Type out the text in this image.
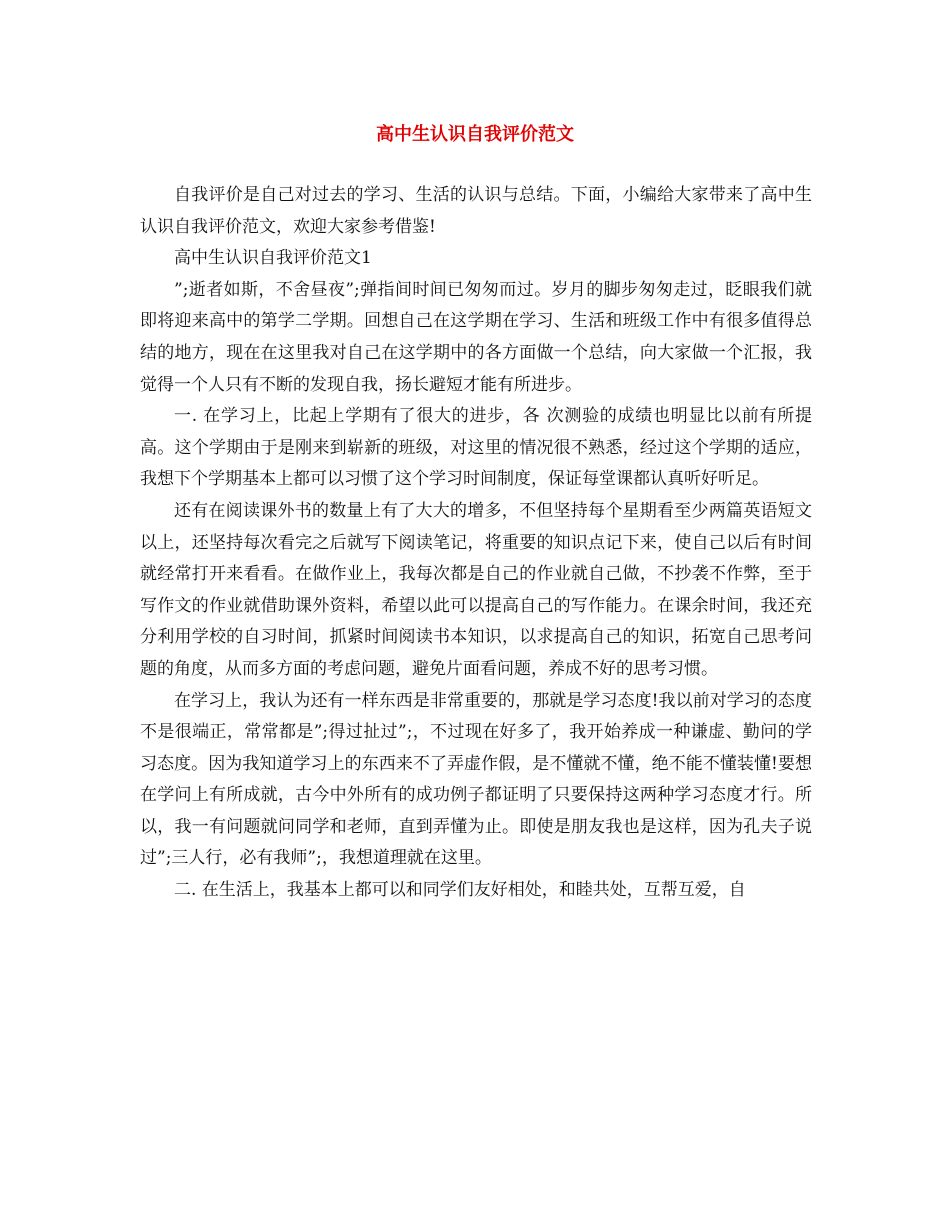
高中生认识自我评价范文

自我评价是自己对过去的学习、生活的认识与总结。下面，小编给大家带来了高中生认识自我评价范文，欢迎大家参考借鉴!

高中生认识自我评价范文1

”;逝者如斯，不舍昼夜”;弹指间时间已匆匆而过。岁月的脚步匆匆走过，眨眼我们就即将迎来高中的第学二学期。回想自己在这学期在学习、生活和班级工作中有很多值得总结的地方，现在在这里我对自己在这学期中的各方面做一个总结，向大家做一个汇报，我觉得一个人只有不断的发现自我，扬长避短才能有所进步。

一. 在学习上，比起上学期有了很大的进步，各 次测验的成绩也明显比以前有所提高。这个学期由于是刚来到崭新的班级，对这里的情况很不熟悉，经过这个学期的适应，我想下个学期基本上都可以习惯了这个学习时间制度，保证每堂课都认真听好听足。

还有在阅读课外书的数量上有了大大的增多，不但坚持每个星期看至少两篇英语短文以上，还坚持每次看完之后就写下阅读笔记，将重要的知识点记下来，使自己以后有时间就经常打开来看看。在做作业上，我每次都是自己的作业就自己做，不抄袭不作弊，至于写作文的作业就借助课外资料，希望以此可以提高自己的写作能力。在课余时间，我还充分利用学校的自习时间，抓紧时间阅读书本知识，以求提高自己的知识，拓宽自己思考问题的角度，从而多方面的考虑问题，避免片面看问题，养成不好的思考习惯。

在学习上，我认为还有一样东西是非常重要的，那就是学习态度!我以前对学习的态度不是很端正，常常都是”;得过扯过”;，不过现在好多了，我开始养成一种谦虚、勤问的学习态度。因为我知道学习上的东西来不了弄虚作假，是不懂就不懂，绝不能不懂装懂!要想在学问上有所成就，古今中外所有的成功例子都证明了只要保持这两种学习态度才行。所以，我一有问题就问同学和老师，直到弄懂为止。即使是朋友我也是这样，因为孔夫子说过”;三人行，必有我师”;，我想道理就在这里。

二. 在生活上，我基本上都可以和同学们友好相处，和睦共处，互帮互爱，自
